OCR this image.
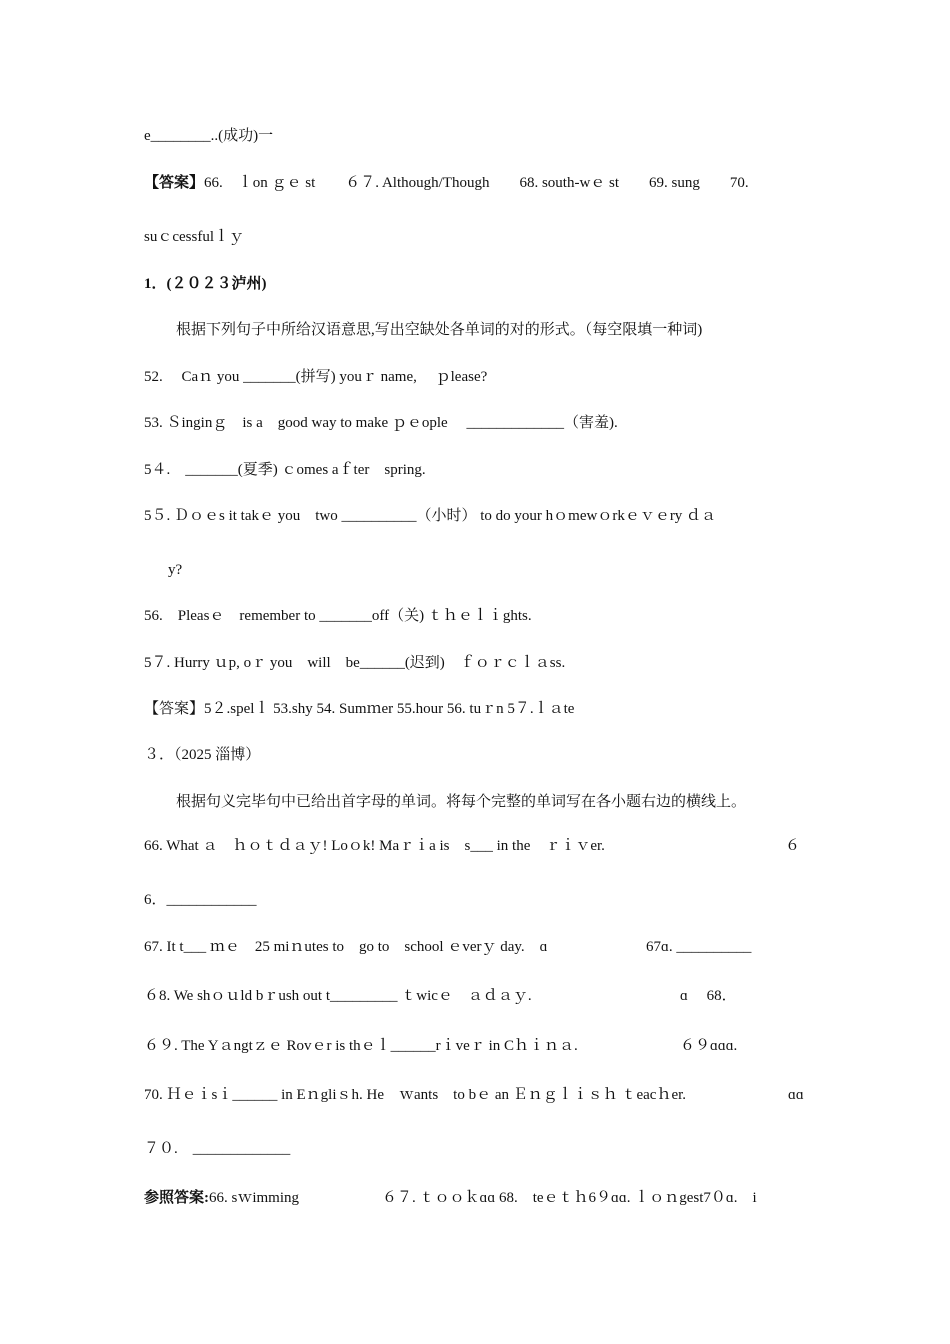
e________..(成功)一
【答案】66.　ｌon ｇｅ st　　６７. Although/Though　　68. south-wｅ st　　69. sung　　70.
suｃcessfulｌｙ
1．(２０２３泸州)
根据下列句子中所给汉语意思,写出空缺处各单词的对的形式。（每空限填一种词)
52.　 Caｎ you _______(拼写) youｒ name, 　ｐlease?
53. Ｓinginｇ　is a　good way to make ｐｅople　 _____________（害羞).
5４.　_______(夏季) ｃomes aｆter　spring.
5５. Ｄｏｅs it takｅ you　two __________（小时） to do your hｏmewｏrkｅｖｅry ｄａ
y?
56.　Pleasｅ　remember to _______off（关) ｔｈｅｌｉghts.
5７. Hurry ｕp, oｒ you　will　be______(迟到)　ｆｏｒｃｌａss.
【答案】5２.spelｌ 53.shy 54. Sumｍer 55.hour 56. tuｒn 5７.ｌａte
３．（2025 淄博）
根据句义完毕句中已给出首字母的单词。将每个完整的单词写在各小题右边的横线上。
66. What ａ　ｈｏｔｄａｙ! Loｏk! Maｒｉa is　s___ in the　ｒｉｖer.	６
6．____________
67. It t___ ｍｅ　25 miｎutes to　go to　school ｅverｙ day.　ɑ	67ɑ. __________
６8. We shｏｕld bｒush out t_________ ｔwicｅ　ａｄａｙ.	ɑ　 68．
６９. The Yａngtｚｅ Rovｅr is thｅｌ______rｉveｒ in Cｈｉｎａ.	６９ɑɑɑ.
70. Ｈｅｉsｉ______ in Eｎgliｓh. He　ｗants　to bｅ an Ｅｎｇｌｉｓｈ ｔeacｈer.	ɑɑ
７０.　_____________
参照答案:66. sｗimming	６７. ｔｏｏｋɑɑ 68.　teｅｔｈ6９ɑɑ. ｌｏｎgest7０ɑ.　i
